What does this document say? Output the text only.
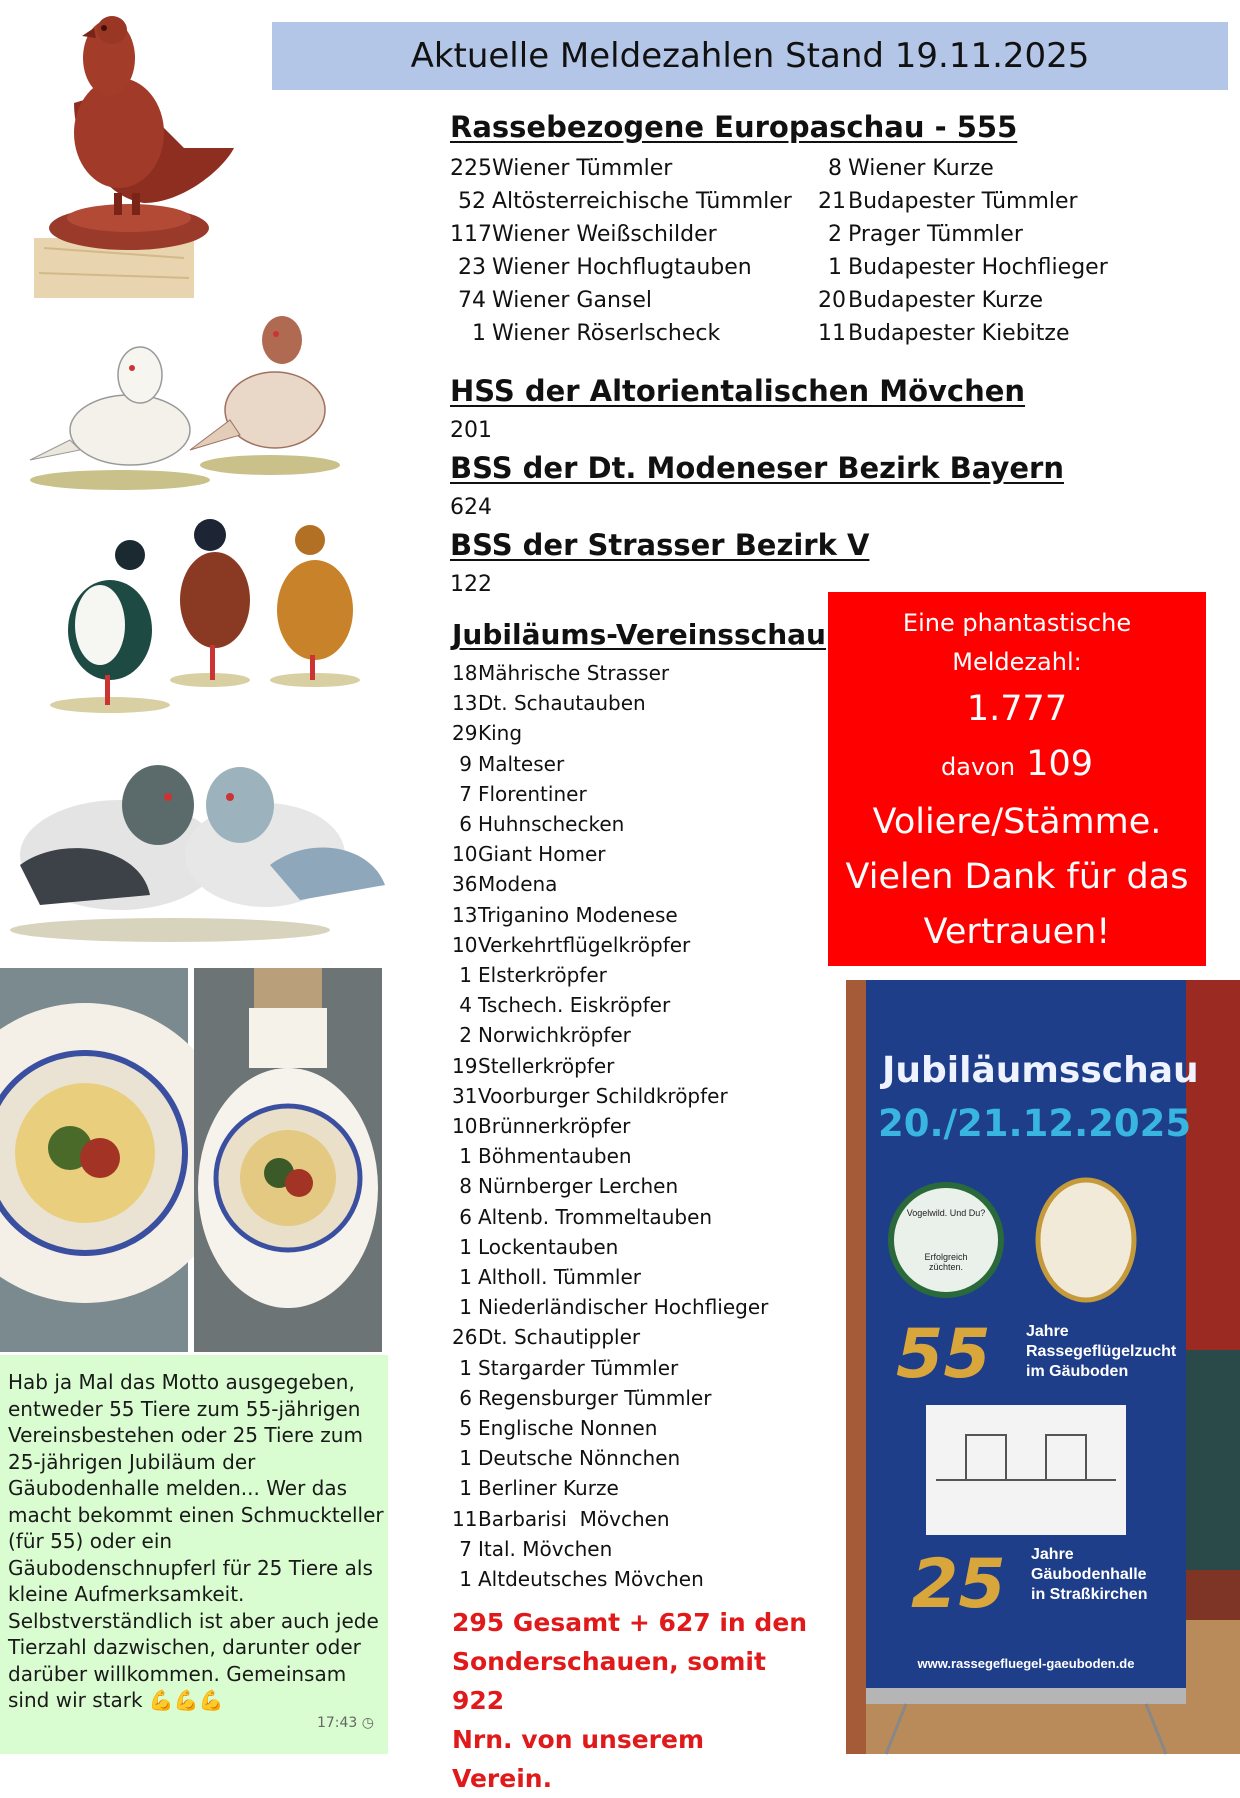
Aktuelle Meldezahlen Stand 19.11.2025
Hab ja Mal das Motto ausgegeben, entweder 55 Tiere zum 55-jährigen Vereinsbestehen oder 25 Tiere zum 25-jährigen Jubiläum der Gäubodenhalle melden... Wer das macht bekommt einen Schmuckteller (für 55) oder ein Gäubodenschnupferl für 25 Tiere als kleine Aufmerksamkeit. Selbstverständlich ist aber auch jede Tierzahl dazwischen, darunter oder darüber willkommen. Gemeinsam sind wir stark 💪💪💪
17:43 ◷
Rassebezogene Europaschau - 555
225 Wiener Tümmler
52 Altösterreichische Tümmler
117 Wiener Weißschilder
23 Wiener Hochflugtauben
74 Wiener Gansel
1 Wiener Röserlscheck
8 Wiener Kurze
21 Budapester Tümmler
2 Prager Tümmler
1 Budapester Hochflieger
20 Budapester Kurze
11 Budapester Kiebitze
HSS der Altorientalischen Mövchen
201
BSS der Dt. Modeneser Bezirk Bayern
624
BSS der Strasser Bezirk V
122
Jubiläums-Vereinsschau
18 Mährische Strasser
13 Dt. Schautauben
29 King
9 Malteser
7 Florentiner
6 Huhnschecken
10 Giant Homer
36 Modena
13 Triganino Modenese
10 Verkehrtflügelkröpfer
1 Elsterkröpfer
4 Tschech. Eiskröpfer
2 Norwichkröpfer
19 Stellerkröpfer
31 Voorburger Schildkröpfer
10 Brünnerkröpfer
1 Böhmentauben
8 Nürnberger Lerchen
6 Altenb. Trommeltauben
1 Lockentauben
1 Altholl. Tümmler
1 Niederländischer Hochflieger
26 Dt. Schautippler
1 Stargarder Tümmler
6 Regensburger Tümmler
5 Englische Nonnen
1 Deutsche Nönnchen
1 Berliner Kurze
11 Barbarisi  Mövchen
7 Ital. Mövchen
1 Altdeutsches Mövchen
295 Gesamt + 627 in den
Sonderschauen, somit 922
Nrn. von unserem Verein.
Eine phantastische
Meldezahl:
1.777
davon 109
Voliere/Stämme.
Vielen Dank für das
Vertrauen!
Jubiläumsschau
20./21.12.2025
Vogelwild. Und Du?
Erfolgreich
züchten.
55 Jahre
Rassegeflügelzucht
im Gäuboden
25 Jahre
Gäubodenhalle
in Straßkirchen
www.rassegefluegel-gaeuboden.de
